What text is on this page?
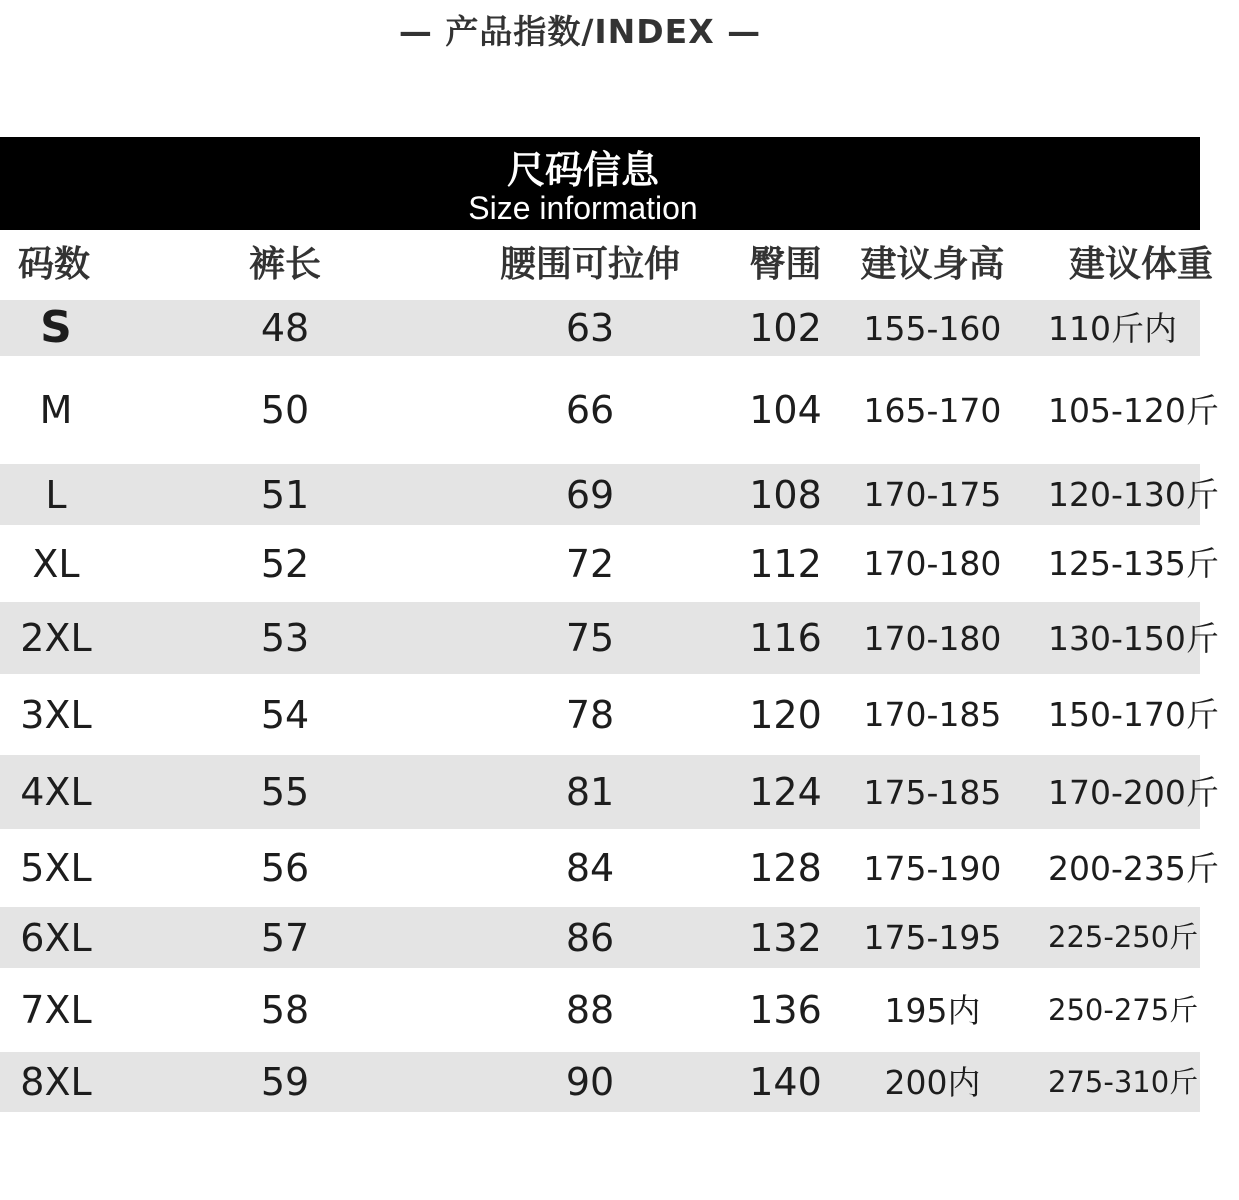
— 产品指数/INDEX —
尺码信息
Size information
码数	裤长	腰围可拉伸	臀围	建议身高 建议体重
S	48	63	102	155-160	110斤内
M	50	66	104	165-170	105-120斤
L	51	69	108	170-175	120-130斤
XL	52	72	112	170-180	125-135斤
2XL	53	75	116	170-180	130-150斤
3XL	54	78	120	170-185	150-170斤
4XL	55	81	124	175-185	170-200斤
5XL	56	84	128	175-190	200-235斤
6XL	57	86	132	175-195	225-250斤
7XL	58	88	136	195内	250-275斤
8XL	59	90	140	200内	275-310斤
